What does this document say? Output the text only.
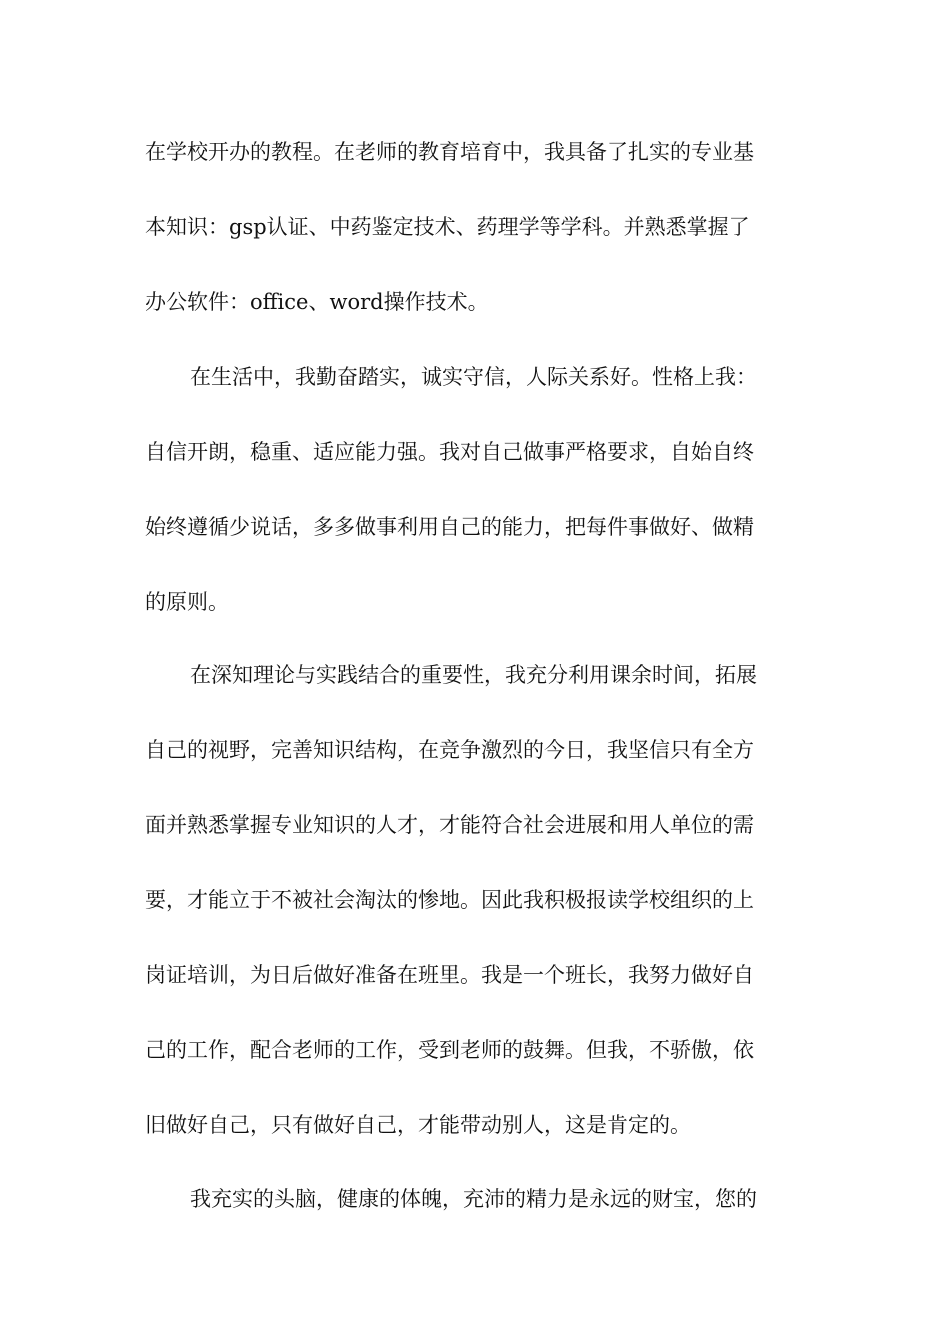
在学校开办的教程。在老师的教育培育中，我具备了扎实的专业基
本知识：gsp认证、中药鉴定技术、药理学等学科。并熟悉掌握了
办公软件：office、word操作技术。
在生活中，我勤奋踏实，诚实守信，人际关系好。性格上我：
自信开朗，稳重、适应能力强。我对自己做事严格要求，自始自终
始终遵循少说话，多多做事利用自己的能力，把每件事做好、做精
的原则。
在深知理论与实践结合的重要性，我充分利用课余时间，拓展
自己的视野，完善知识结构，在竞争激烈的今日，我坚信只有全方
面并熟悉掌握专业知识的人才，才能符合社会进展和用人单位的需
要，才能立于不被社会淘汰的惨地。因此我积极报读学校组织的上
岗证培训，为日后做好准备在班里。我是一个班长，我努力做好自
己的工作，配合老师的工作，受到老师的鼓舞。但我，不骄傲，依
旧做好自己，只有做好自己，才能带动别人，这是肯定的。
我充实的头脑，健康的体魄，充沛的精力是永远的财宝，您的
